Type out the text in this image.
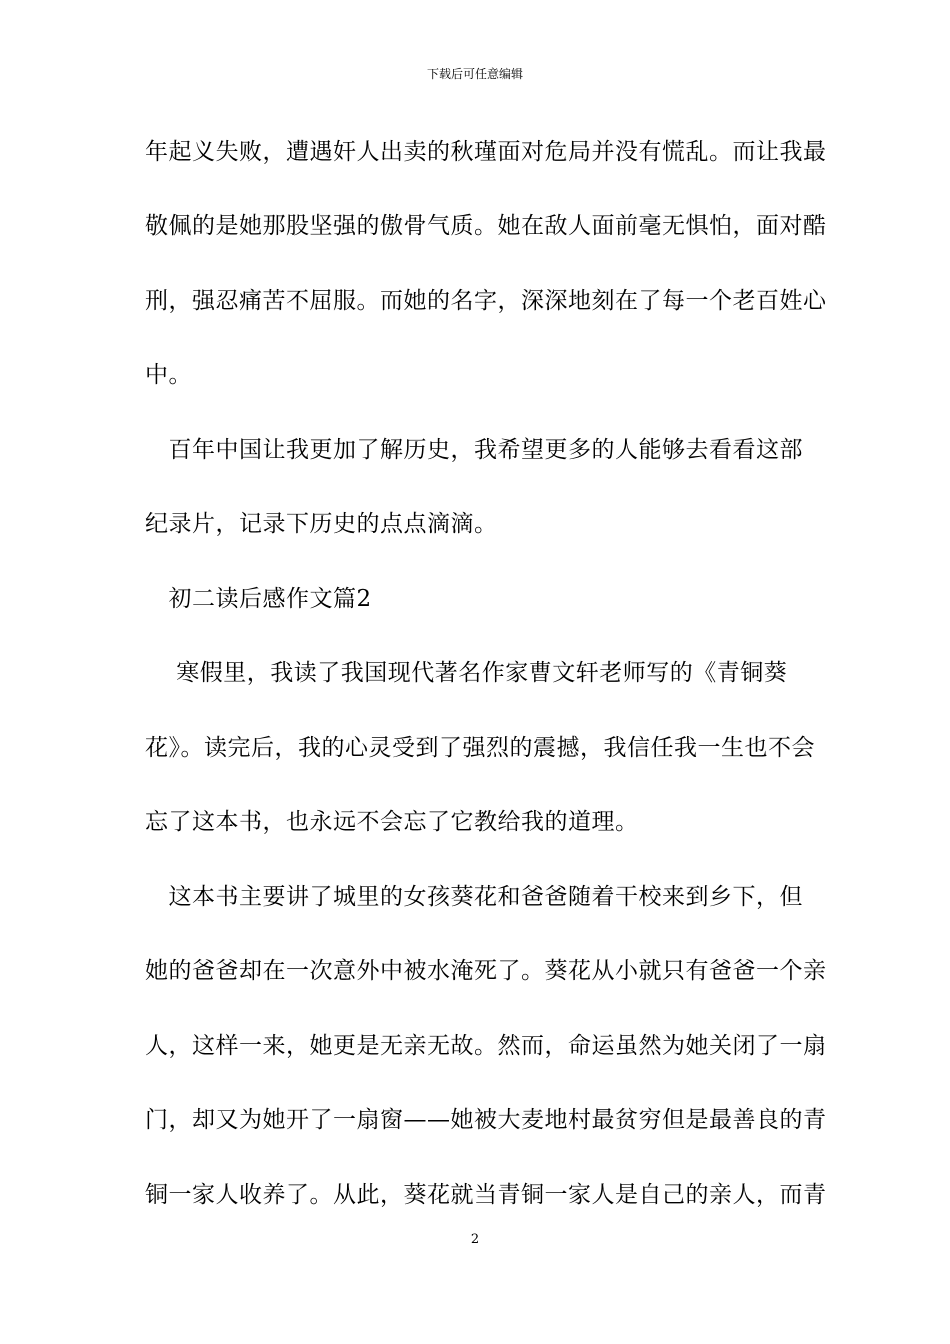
下载后可任意编辑
年起义失败，遭遇奸人出卖的秋瑾面对危局并没有慌乱。而让我最
敬佩的是她那股坚强的傲骨气质。她在敌人面前毫无惧怕，面对酷
刑，强忍痛苦不屈服。而她的名字，深深地刻在了每一个老百姓心
中。
　百年中国让我更加了解历史，我希望更多的人能够去看看这部
纪录片，记录下历史的点点滴滴。
　初二读后感作文篇2
　 寒假里，我读了我国现代著名作家曹文轩老师写的《青铜葵
花》。读完后，我的心灵受到了强烈的震撼，我信任我一生也不会
忘了这本书，也永远不会忘了它教给我的道理。
　这本书主要讲了城里的女孩葵花和爸爸随着干校来到乡下，但
她的爸爸却在一次意外中被水淹死了。葵花从小就只有爸爸一个亲
人，这样一来，她更是无亲无故。然而，命运虽然为她关闭了一扇
门，却又为她开了一扇窗——她被大麦地村最贫穷但是最善良的青
铜一家人收养了。从此，葵花就当青铜一家人是自己的亲人，而青
2
